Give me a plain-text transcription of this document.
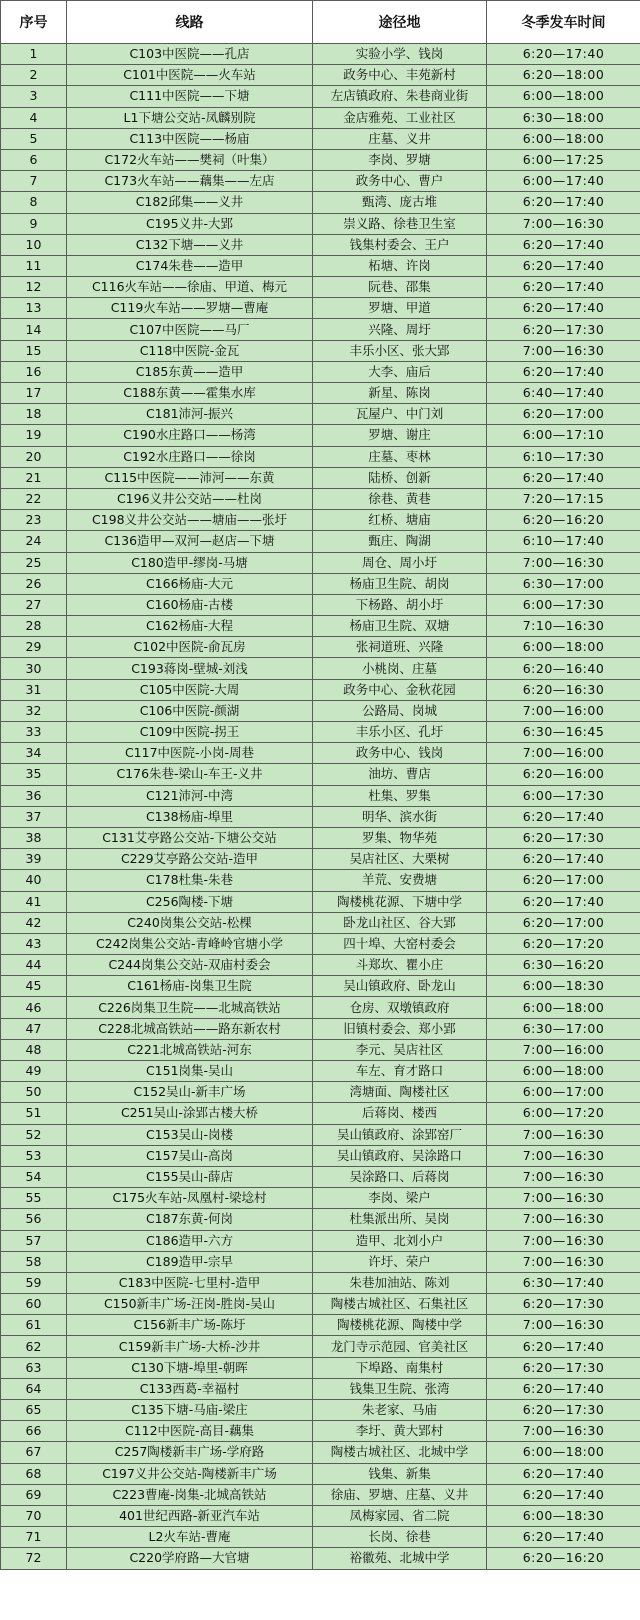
序号	线路	途径地	冬季发车时间
1	C103中医院——孔店	实验小学、钱岗	6:20—17:40
2	C101中医院——火车站	政务中心、丰苑新村	6:20—18:00
3	C111中医院——下塘	左店镇政府、朱巷商业街	6:00—18:00
4	L1下塘公交站-凤麟别院	金店雅苑、工业社区	6:30—18:00
5	C113中医院——杨庙	庄墓、义井	6:00—18:00
6	C172火车站——樊祠（叶集）	李岗、罗塘	6:00—17:25
7	C173火车站——藕集——左店	政务中心、曹户	6:00—17:40
8	C182邱集——义井	甄湾、庞古堆	6:20—17:40
9	C195义井-大郢	崇义路、徐巷卫生室	7:00—16:30
10	C132下塘——义井	钱集村委会、王户	6:20—17:40
11	C174朱巷——造甲	柘塘、许岗	6:20—17:40
12	C116火车站——徐庙、甲道、梅元	阮巷、邵集	6:20—17:40
13	C119火车站——罗塘—曹庵	罗塘、甲道	6:20—17:40
14	C107中医院——马厂	兴隆、周圩	6:20—17:30
15	C118中医院-金瓦	丰乐小区、张大郢	7:00—16:30
16	C185东黄——造甲	大李、庙后	6:20—17:40
17	C188东黄——霍集水库	新星、陈岗	6:40—17:40
18	C181沛河-振兴	瓦屋户、中门刘	6:20—17:00
19	C190水庄路口——杨湾	罗塘、谢庄	6:00—17:10
20	C192水庄路口——徐岗	庄墓、枣林	6:10—17:30
21	C115中医院——沛河——东黄	陆桥、创新	6:20—17:40
22	C196义井公交站——杜岗	徐巷、黄巷	7:20—17:15
23	C198义井公交站——塘庙——张圩	红桥、塘庙	6:20—16:20
24	C136造甲—双河—赵店—下塘	甄庄、陶湖	6:10—17:40
25	C180造甲-缪岗-马塘	周仓、周小圩	7:00—16:30
26	C166杨庙-大元	杨庙卫生院、胡岗	6:30—17:00
27	C160杨庙-古楼	下杨路、胡小圩	6:00—17:30
28	C162杨庙-大程	杨庙卫生院、双塘	7:10—16:30
29	C102中医院-俞瓦房	张祠道班、兴隆	6:00—18:00
30	C193蒋岗-壁城-刘浅	小桃岗、庄墓	6:20—16:40
31	C105中医院-大周	政务中心、金秋花园	6:20—16:30
32	C106中医院-颜湖	公路局、岗城	7:00—16:00
33	C109中医院-拐王	丰乐小区、孔圩	6:30—16:45
34	C117中医院-小岗-周巷	政务中心、钱岗	7:00—16:00
35	C176朱巷-梁山-车王-义井	油坊、曹店	6:20—16:00
36	C121沛河-中湾	杜集、罗集	6:00—17:30
37	C138杨庙-埠里	明华、滨水街	6:20—17:40
38	C131艾亭路公交站-下塘公交站	罗集、物华苑	6:20—17:30
39	C229艾亭路公交站-造甲	吴店社区、大栗树	6:20—17:40
40	C178杜集-朱巷	羊荒、安费塘	6:20—17:00
41	C256陶楼-下塘	陶楼桃花源、下塘中学	6:20—17:40
42	C240岗集公交站-松棵	卧龙山社区、谷大郢	6:20—17:00
43	C242岗集公交站-青峰岭官塘小学	四十埠、大窑村委会	6:20—17:20
44	C244岗集公交站-双庙村委会	斗郑坎、瞿小庄	6:30—16:20
45	C161杨庙-岗集卫生院	吴山镇政府、卧龙山	6:00—18:30
46	C226岗集卫生院——北城高铁站	仓房、双墩镇政府	6:00—18:00
47	C228北城高铁站——路东新农村	旧镇村委会、郑小郢	6:30—17:00
48	C221北城高铁站-河东	李元、吴店社区	7:00—16:00
49	C151岗集-吴山	车左、育才路口	6:00—18:00
50	C152吴山-新丰广场	湾塘面、陶楼社区	6:00—17:00
51	C251吴山-涂郢古楼大桥	后蒋岗、楼西	6:00—17:20
52	C153吴山-岗楼	吴山镇政府、涂郢窑厂	7:00—16:30
53	C157吴山-高岗	吴山镇政府、吴涂路口	7:00—16:30
54	C155吴山-薛店	吴涂路口、后蒋岗	7:00—16:30
55	C175火车站-凤凰村-梁埝村	李岗、梁户	7:00—16:30
56	C187东黄-何岗	杜集派出所、吴岗	7:00—16:30
57	C186造甲-六方	造甲、北刘小户	7:00—16:30
58	C189造甲-宗早	许圩、荣户	7:00—16:30
59	C183中医院-七里村-造甲	朱巷加油站、陈刘	6:30—17:40
60	C150新丰广场-汪岗-胜岗-吴山	陶楼古城社区、石集社区	6:20—17:30
61	C156新丰广场-陈圩	陶楼桃花源、陶楼中学	7:00—16:30
62	C159新丰广场-大桥-沙井	龙门寺示范园、官美社区	6:20—17:40
63	C130下塘-埠里-朝晖	下埠路、南集村	6:20—17:30
64	C133西葛-幸福村	钱集卫生院、张湾	6:20—17:40
65	C135下塘-马庙-梁庄	朱老家、马庙	6:20—17:30
66	C112中医院-高目-藕集	李圩、黄大郢村	7:00—16:30
67	C257陶楼新丰广场-学府路	陶楼古城社区、北城中学	6:00—18:00
68	C197义井公交站-陶楼新丰广场	钱集、新集	6:20—17:40
69	C223曹庵-岗集-北城高铁站	徐庙、罗塘、庄墓、义井	6:20—17:40
70	401世纪西路-新亚汽车站	凤梅家园、省二院	6:00—18:30
71	L2火车站-曹庵	长岗、徐巷	6:20—17:40
72	C220学府路—大官塘	裕徽苑、北城中学	6:20—16:20
